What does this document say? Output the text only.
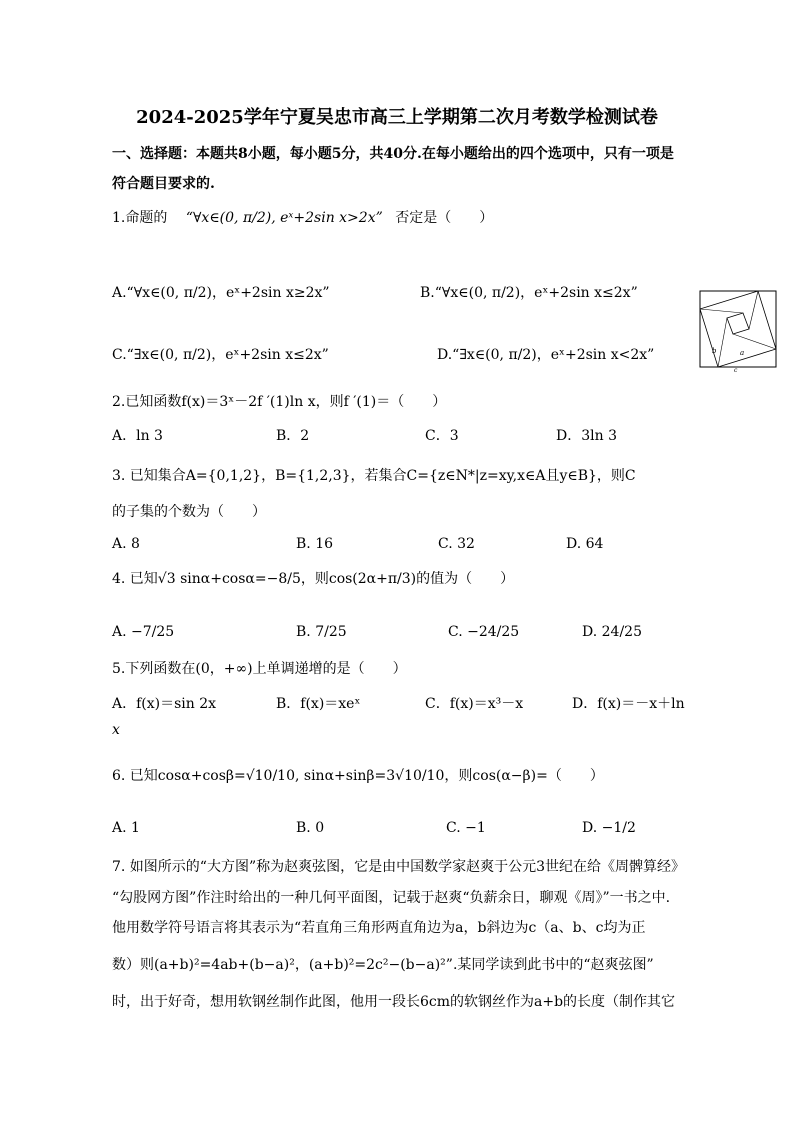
2024-2025学年宁夏吴忠市高三上学期第二次月考数学检测试卷
一、选择题：本题共8小题，每小题5分，共40分.在每小题给出的四个选项中，只有一项是
符合题目要求的.
1.命题的 “∀x∈(0, π/2), eˣ+2sin x>2x” 否定是（　　）
A.“∀x∈(0, π/2)，eˣ+2sin x≥2x”	B.“∀x∈(0, π/2)，eˣ+2sin x≤2x”
C.“∃x∈(0, π/2)，eˣ+2sin x≤2x”	D.“∃x∈(0, π/2)，eˣ+2sin x<2x”
2.已知函数f(x)＝3ˣ－2f ′(1)ln x，则f ′(1)＝（　　）
A．ln 3	B．2	C．3	D．3ln 3
3. 已知集合A={0,1,2}，B={1,2,3}，若集合C={z∈N*|z=xy,x∈A且y∈B}，则C
的子集的个数为（　　）
A. 8	B. 16	C. 32	D. 64
4. 已知√3 sinα+cosα=−8/5，则cos(2α+π/3)的值为（　　）
A. −7/25	B. 7/25	C. −24/25	D. 24/25
5.下列函数在(0，+∞)上单调递增的是（　　）
A．f(x)＝sin 2x	B．f(x)＝xeˣ	C．f(x)＝x³－x	D．f(x)＝－x＋ln
x
6. 已知cosα+cosβ=√10/10, sinα+sinβ=3√10/10，则cos(α−β)=（　　）
A. 1	B. 0	C. −1	D. −1/2
7. 如图所示的“大方图”称为赵爽弦图，它是由中国数学家赵爽于公元3世纪在给《周髀算经》
“勾股网方图”作注时给出的一种几何平面图，记载于赵爽“负薪余日，聊观《周》”一书之中.
他用数学符号语言将其表示为“若直角三角形两直角边为a，b斜边为c（a、b、c均为正
数）则(a+b)²=4ab+(b−a)²，(a+b)²=2c²−(b−a)²”.某同学读到此书中的“赵爽弦图”
时，出于好奇，想用软钢丝制作此图，他用一段长6cm的软钢丝作为a+b的长度（制作其它
b	a
c
